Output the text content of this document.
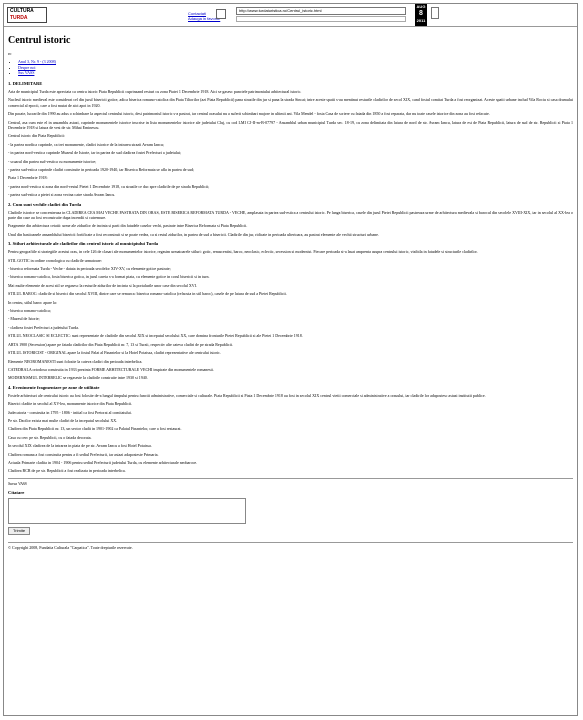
CULTURA
TURDA
Contactati
Adauga in favorite
http://www.turdaturistica.ro/Centrul_istoric.html
AUG
8
2011
Centrul istoric
ro
• Anul 3, Nr. 9 - (3 2008)
• Despre noi
• Sus VASS
1. DELIMITARE

Aria de municipiul Turda este apreciata ca centru istoric Piata Republicii cuprinzand resturi cu zona Piatei 1 Decembrie 1918. Aici se gasesc punctele patrimoniului arhitectural istoric.

Nucleul istoric medieval este considerat cel din jurul bisericii gotice, adica biserica romano-catolica din Piata Tiltorilor (azi Piata Republicii) pana strazile din jur si pana la strada Sincai; intre aceste spatii s-au mentinut resturile cladirilor de secol XIX, cand fostul comitat Turda a fost reorganizat. Aceste spatii urbane includ Vila Rociu si casa dramului comercial al epocii, care a fost mutat de aici apoi in 1920.

Din pacate, lucrarile din 1990 au adus o schimbare la aspectul centrului istoric, desi patrimoniul istoric s-a pastrat, iar centrul orasului nu a suferit schimbari majore in ultimii ani. Vila Mendel - fosta Casa de scriere cu fatada din 1850 a fost reparata, dar nu toate casele istorice din zona au fost refacute.

Centrul, asa cum este el in ansamblu astazi, cuprinde monumentele istorice inscrise in lista monumentelor istorice ale judetului Cluj, cu cod LMI CJ-II-m-B-07797 - Ansamblul urban municipiul Turda sec. 18-19, cu zona delimitata din latura de nord de str. Avram Iancu, latura de est de Piata Republicii, latura de sud de str. Republicii si Piata 1 Decembrie 1918 si latura de vest de str. Mihai Eminescu.

Centrul istoric din Piata Republicii:

- la partea nordica cuprinde, ca trei monumente, cladiri istorice de la intrarea strazii Avram Iancu;

- in partea nord-vestica cuprinde Muzeul de Istorie, iar in partea de sud cladirea fostei Prefecturi a judetului;

- scuarul din partea sud-vestica cu monumente istorice;

- partea sud-estica cuprinde cladiri construite in perioada 1920-1940, iar Biserica Reformata se afla in partea de sud;

Piata 1 Decembrie 1918:

- partea nord-vestica si zona din nord-vestul Pietei 1 Decembrie 1918, cu strazile ce duc spre cladirile de pe strada Republicii;

- partea sud-estica a pietei si zona vecina catre strada Avram Iancu.

2. Cum sunt vechile cladiri din Turda

Cladirile istorice se concentreaza in CLADIREA CEA MAI VECHE PASTRATA DIN ORAS, ESTE BISERICA REFORMATA TURDA - VECHE, amplasata in partea sud-estica a centrului istoric. Pe langa biserica, casele din jurul Pietei Republicii pastreaza urme de arhitectura medievala si barocul din secolele XVIII-XIX, iar in secolul al XX-lea o parte din case au fost reconstruite dupa incendii si cutremure.

Fragmente din arhitectura cetatii: urme ale zidurilor de incinta si parti din fatadele caselor vechi, pastrate intre Biserica Reformata si Piata Republicii.

Unul din bastioanele ansamblului bisericii fortificate a fost reconstruit si se poate vedea, ca si restul zidurilor, in partea de sud a bisericii. Cladirile din jur, ridicate in perioada ulterioara, au pastrat elemente ale vechii structuri urbane.

3. Stiluri arhitecturale ale cladirilor din centrul istoric al municipiului Turda

Pentru geografiile si strategiile acestui oras, in cele 126 de clasari ale monumentelor istorice, regasim urmatoarele stiluri: gotic, renascentist, baroc, neoclasic, eclectic, secession si modernist. Fiecare perioada si-a lasat amprenta asupra centrului istoric, vizibila in fatadele si structurile cladirilor.

STIL GOTIC in ordine cronologica cu cladirile urmatoare:

- biserica reformata Turda - Veche - datata in perioada secolelor XIV-XV, cu elemente gotice pastrate;

- biserica romano-catolica, fosta biserica gotica, in jurul careia s-a format piata, cu elemente gotice in corul bisericii si in turn.

Mai multe elemente de acest stil se regasesc la resturile zidurilor de incinta si la portalurile unor case din secolul XVI.

STILUL BAROC: cladirile si biserici din secolul XVIII, dintre care se remarca: biserica romano-catolica (refacuta in stil baroc), casele de pe latura de sud a Pietei Republicii.

In centru, stilul baroc apare la:

- biserica romano-catolica;

- Muzeul de Istorie;

- cladirea fostei Prefecturi a judetului Turda.

STILUL NEOCLASIC SI ECLECTIC: sunt reprezentate de cladirile din secolul XIX si inceputul secolului XX, care domina fronturile Pietei Republicii si ale Pietei 1 Decembrie 1918.

ARTA 1900 (Secession) apare pe fatada cladirilor din Piata Republicii nr. 7, 13 si Turzii, respectiv alte cateva cladiri de pe strada Republicii.

STILUL ISTORICIST - ORIGINAL apare la fostul Palat al Finantelor si la Hotel Potaissa, cladiri reprezentative ale centrului istoric.

Elemente NEOROMANESTI sunt folosite la cateva cladiri din perioada interbelica.

CATEDRALA ortodoxa construita in 1933 prezinta FORME ARHITECTURALE VECHI inspirate din monumentele romanesti.

MODERNISMUL INTERBELIC se regaseste la cladirile construite intre 1930 si 1940.

4. Evenimente fragmentare pe zone de utilitate

Fostele arhitecturi ale centrului istoric au fost folosite de-a lungul timpului pentru functii administrative, comerciale si culturale. Piata Republicii si Piata 1 Decembrie 1918 au fost in secolul XIX centrul vietii comerciale si administrative a orasului, iar cladirile lor adapostesc astazi institutii publice.

Biserici cladite in secolul al XV-lea, monumente istorice din Piata Republicii.

Judecatoria - construita in 1795 - 1806 - initial ca fost Pretorat al comitatului.

Pe str. Dacilor exista mai multe cladiri de la inceputul secolului XX.

Cladirea din Piata Republicii nr. 13, un sector cladit in 1901-1902 ca Palatul Finantelor, care a fost restaurat.

Casa cu cerc pe str. Republicii, cu o fatada decorata.

In secolul XIX cladirea de la intrarea in piata de pe str. Avram Iancu a fost Hotel Potaissa.

Cladirea romana a fost construita pentru a fi sediul Prefecturii, iar astazi adaposteste Primaria.

Actuala Primarie cladita in 1904 - 1906 pentru sediul Prefecturii judetului Turda, cu elemente arhitecturale neobaroce.

Cladirea BCR de pe str. Republicii a fost realizata in perioada interbelica.

Sursa VASS

Citatare
Trimite

© Copyright 2008, Fundatia Culturala "Carpatica". Toate drepturile rezervate.
